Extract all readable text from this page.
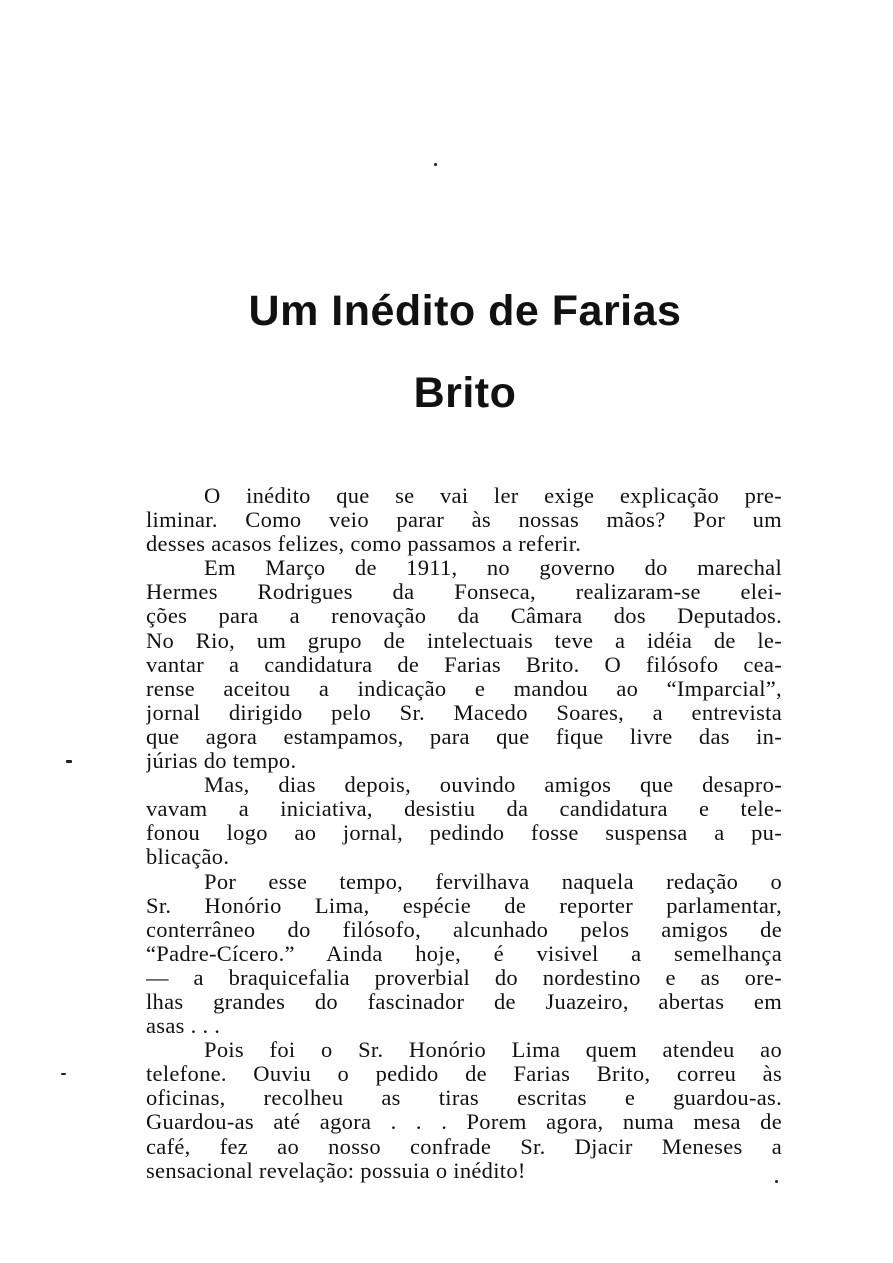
Um Inédito de Farias
Brito
O inédito que se vai ler exige explicação pre-
liminar. Como veio parar às nossas mãos? Por um
desses acasos felizes, como passamos a referir.
Em Março de 1911, no governo do marechal
Hermes Rodrigues da Fonseca, realizaram-se elei-
ções para a renovação da Câmara dos Deputados.
No Rio, um grupo de intelectuais teve a idéia de le-
vantar a candidatura de Farias Brito. O filósofo cea-
rense aceitou a indicação e mandou ao “Imparcial”,
jornal dirigido pelo Sr. Macedo Soares, a entrevista
que agora estampamos, para que fique livre das in-
júrias do tempo.
Mas, dias depois, ouvindo amigos que desapro-
vavam a iniciativa, desistiu da candidatura e tele-
fonou logo ao jornal, pedindo fosse suspensa a pu-
blicação.
Por esse tempo, fervilhava naquela redação o
Sr. Honório Lima, espécie de reporter parlamentar,
conterrâneo do filósofo, alcunhado pelos amigos de
“Padre-Cícero.” Ainda hoje, é visivel a semelhança
— a braquicefalia proverbial do nordestino e as ore-
lhas grandes do fascinador de Juazeiro, abertas em
asas . . .
Pois foi o Sr. Honório Lima quem atendeu ao
telefone. Ouviu o pedido de Farias Brito, correu às
oficinas, recolheu as tiras escritas e guardou-as.
Guardou-as até agora . . . Porem agora, numa mesa de
café, fez ao nosso confrade Sr. Djacir Meneses a
sensacional revelação: possuia o inédito!
